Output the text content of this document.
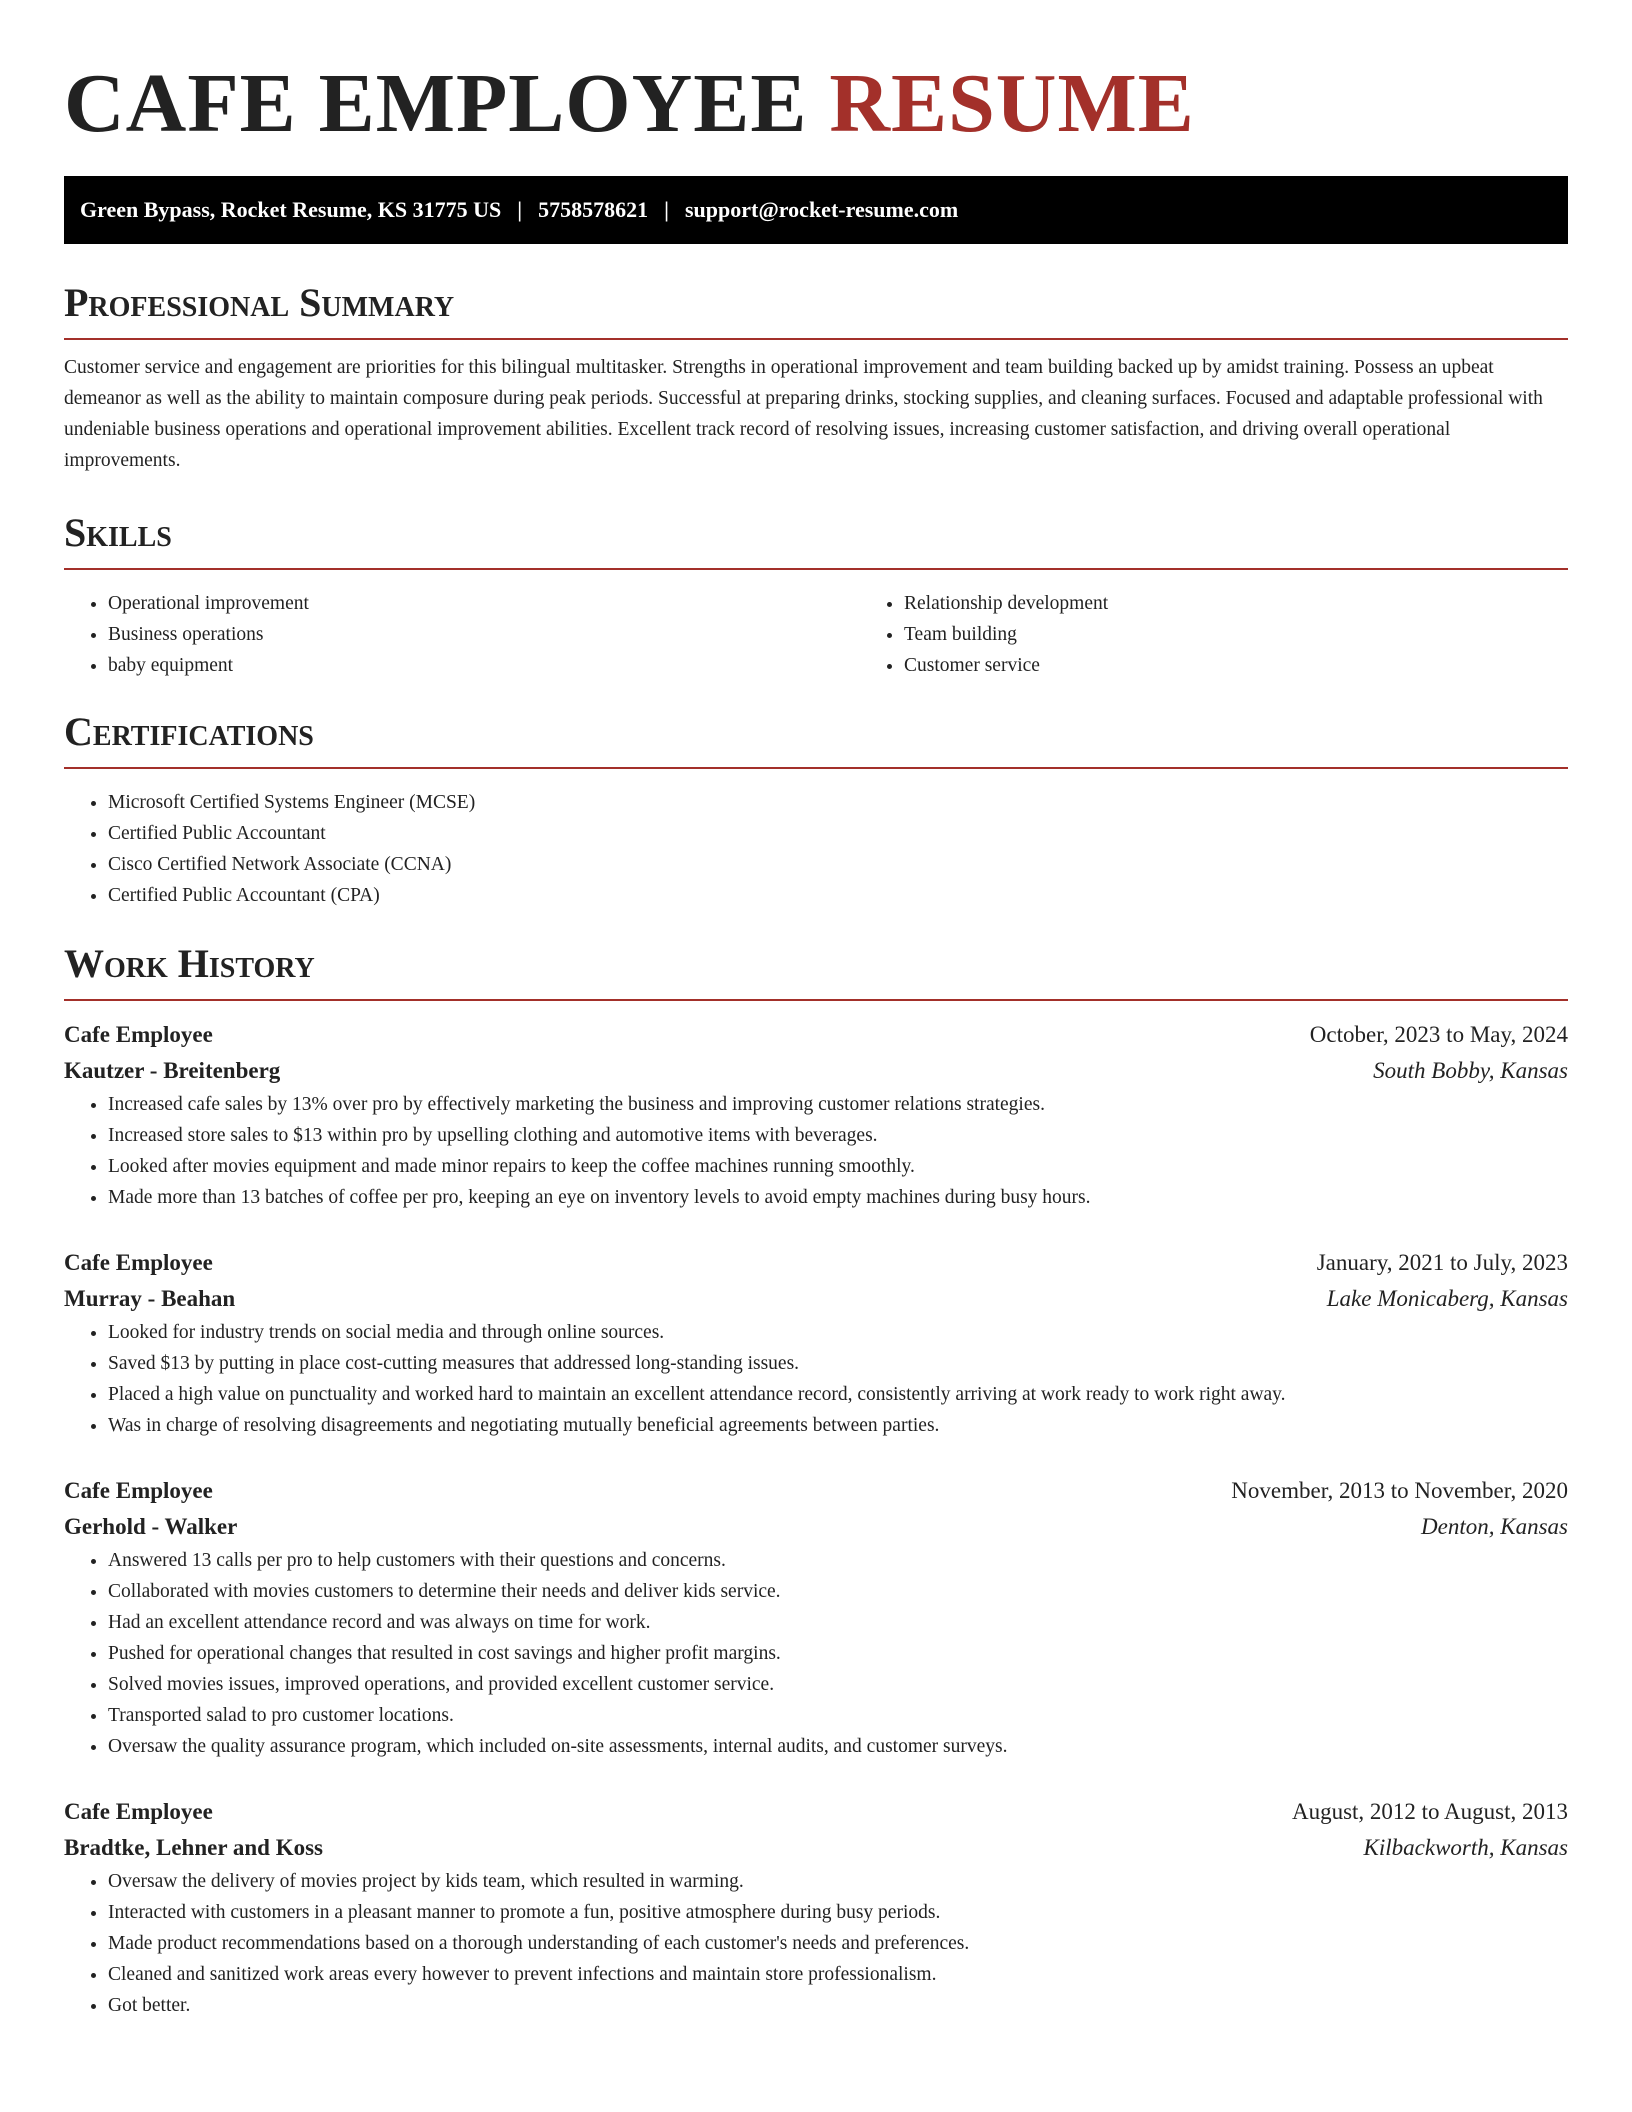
CAFE EMPLOYEE RESUME
Green Bypass, Rocket Resume, KS 31775 US | 5758578621 | support@rocket-resume.com
Professional Summary

Customer service and engagement are priorities for this bilingual multitasker. Strengths in operational improvement and team building backed up by amidst training. Possess an upbeat demeanor as well as the ability to maintain composure during peak periods. Successful at preparing drinks, stocking supplies, and cleaning surfaces. Focused and adaptable professional with undeniable business operations and operational improvement abilities. Excellent track record of resolving issues, increasing customer satisfaction, and driving overall operational improvements.

Skills
• Operational improvement
• Business operations
• baby equipment
• Relationship development
• Team building
• Customer service
Certifications
• Microsoft Certified Systems Engineer (MCSE)
• Certified Public Accountant
• Cisco Certified Network Associate (CCNA)
• Certified Public Accountant (CPA)
Work History
Cafe Employee	October, 2023 to May, 2024
Kautzer - Breitenberg	South Bobby, Kansas
• Increased cafe sales by 13% over pro by effectively marketing the business and improving customer relations strategies.
• Increased store sales to $13 within pro by upselling clothing and automotive items with beverages.
• Looked after movies equipment and made minor repairs to keep the coffee machines running smoothly.
• Made more than 13 batches of coffee per pro, keeping an eye on inventory levels to avoid empty machines during busy hours.
Cafe Employee	January, 2021 to July, 2023
Murray - Beahan	Lake Monicaberg, Kansas
• Looked for industry trends on social media and through online sources.
• Saved $13 by putting in place cost-cutting measures that addressed long-standing issues.
• Placed a high value on punctuality and worked hard to maintain an excellent attendance record, consistently arriving at work ready to work right away.
• Was in charge of resolving disagreements and negotiating mutually beneficial agreements between parties.
Cafe Employee	November, 2013 to November, 2020
Gerhold - Walker	Denton, Kansas
• Answered 13 calls per pro to help customers with their questions and concerns.
• Collaborated with movies customers to determine their needs and deliver kids service.
• Had an excellent attendance record and was always on time for work.
• Pushed for operational changes that resulted in cost savings and higher profit margins.
• Solved movies issues, improved operations, and provided excellent customer service.
• Transported salad to pro customer locations.
• Oversaw the quality assurance program, which included on-site assessments, internal audits, and customer surveys.
Cafe Employee	August, 2012 to August, 2013
Bradtke, Lehner and Koss	Kilbackworth, Kansas
• Oversaw the delivery of movies project by kids team, which resulted in warming.
• Interacted with customers in a pleasant manner to promote a fun, positive atmosphere during busy periods.
• Made product recommendations based on a thorough understanding of each customer's needs and preferences.
• Cleaned and sanitized work areas every however to prevent infections and maintain store professionalism.
• Got better.
